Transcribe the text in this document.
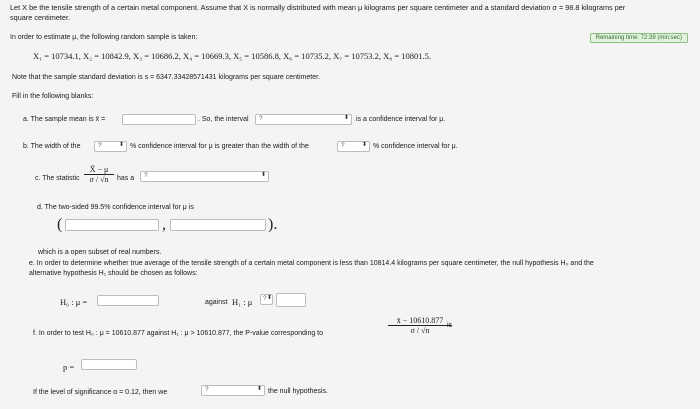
Let X be the tensile strength of a certain metal component. Assume that X is normally distributed with mean μ kilograms per square centimeter and a standard deviation σ = 98.8 kilograms per
square centimeter.
In order to estimate μ, the following random sample is taken:	Remaining time: 72:39 (min:sec)
X₁ = 10734.1, X₂ = 10842.9, X₃ = 10686.2, X₄ = 10669.3, X₅ = 10586.8, X₆ = 10735.2, X₇ = 10753.2, X₈ = 10801.5.
Note that the sample standard deviation is s = 6347.33428571431 kilograms per square centimeter.
Fill in the following blanks:
a. The sample mean is x̄ =	. So, the interval ?	⬍ is a confidence interval for μ.
b. The width of the	?	⬍ % confidence interval for μ is greater than the width of the	?	⬍ % confidence interval for μ.
c. The statistic $\frac{X̄ - \mu}{\sigma / √n}$ has a ?	⬍
d. The two-sided 99.5% confidence interval for μ is
(	,	).
which is a open subset of real numbers.
e. In order to determine whether true average of the tensile strength of a certain metal component is less than 10814.4 kilograms per square centimeter, the null hypothesis H₀ and the
alternative hypothesis H₁ should be chosen as follows:
H₀ : μ =	against H₁ : μ ? ⬍
f. In order to test H₀ : μ = 10610.877 against H₁ : μ > 10610.877, the P-value corresponding to	$\frac{x̄ - 10610.877}{\sigma / √n}$
is
p =
If the level of significance α = 0.12, then we	?	⬍ the null hypothesis.
